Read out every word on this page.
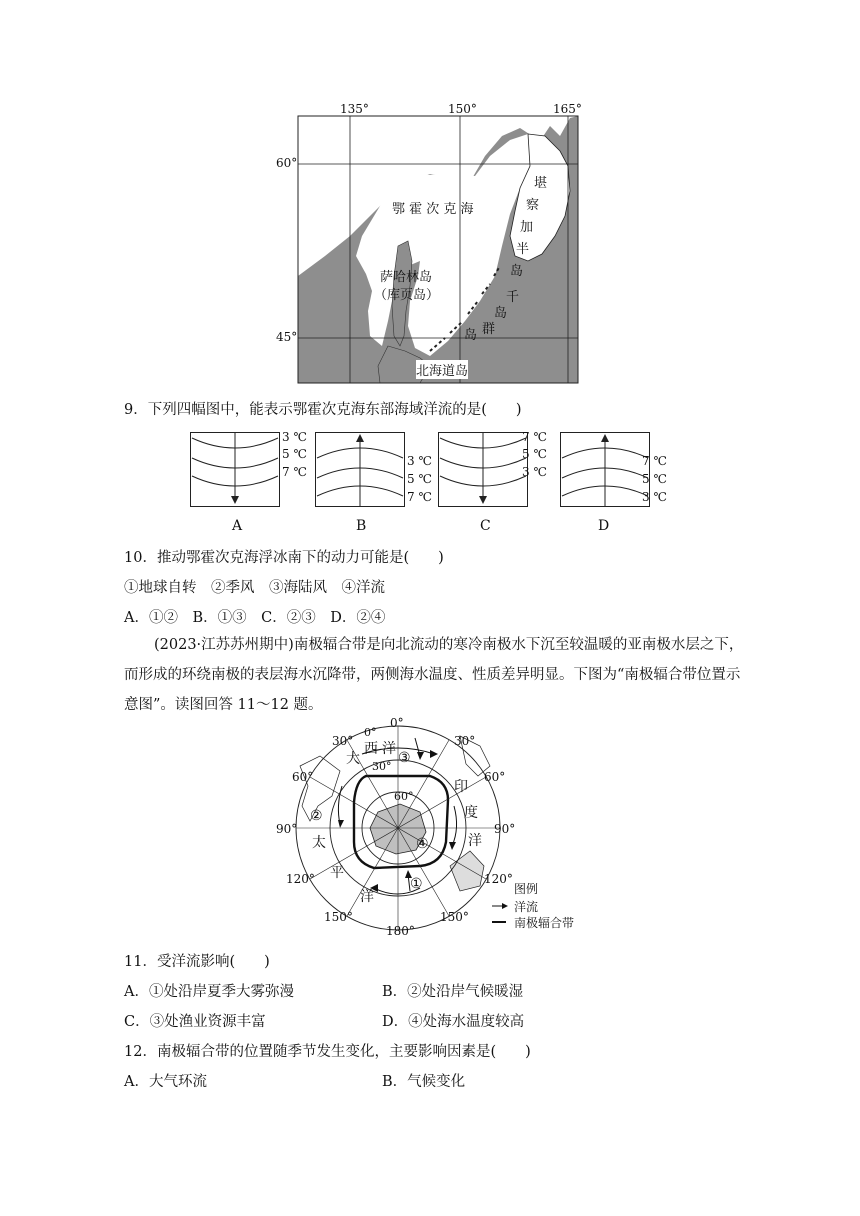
135°	150°	165°
60°
45°
鄂 霍 次 克 海
堪
察
加
半
岛
萨哈林岛
（库页岛）	千
岛
群
岛
北海道岛
9．下列四幅图中，能表示鄂霍次克海东部海域洋流的是(　　)
3 ℃
5 ℃
7 ℃
A
3 ℃
5 ℃
7 ℃
B
7 ℃
5 ℃
3 ℃
C
7 ℃
5 ℃
3 ℃
D
10．推动鄂霍次克海浮冰南下的动力可能是(　　)
①地球自转　②季风　③海陆风　④洋流
A．①②　B．①③　C．②③　D．②④
(2023·江苏苏州期中)南极辐合带是向北流动的寒冷南极水下沉至较温暖的亚南极水层之下，而形成的环绕南极的表层海水沉降带，两侧海水温度、性质差异明显。下图为“南极辐合带位置示意图”。读图回答 11～12 题。
0°
30°	30°
60°	60°
90°	90°
120°	120°
150°	150°
180°
0°
30°
60°
大
西 洋
印
度
洋
太
平
洋
①
②
③
④
图例
洋流
南极辐合带
11．受洋流影响(　　)
A．①处沿岸夏季大雾弥漫	B．②处沿岸气候暖湿
C．③处渔业资源丰富	D．④处海水温度较高
12．南极辐合带的位置随季节发生变化，主要影响因素是(　　)
A．大气环流	B．气候变化
